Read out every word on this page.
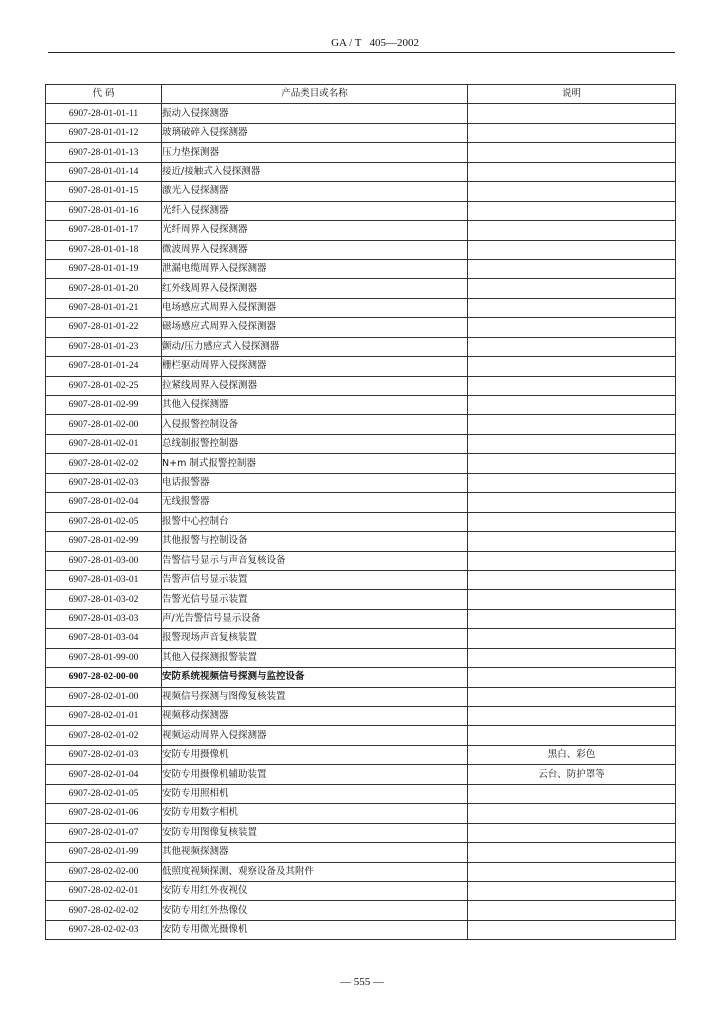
GA / T   405—2002
代 码	产品类目或名称	说明
6907-28-01-01-11	振动入侵探测器	
6907-28-01-01-12	玻璃破碎入侵探测器	
6907-28-01-01-13	压力垫探测器	
6907-28-01-01-14	接近/接触式入侵探测器	
6907-28-01-01-15	激光入侵探测器	
6907-28-01-01-16	光纤入侵探测器	
6907-28-01-01-17	光纤周界入侵探测器	
6907-28-01-01-18	微波周界入侵探测器	
6907-28-01-01-19	泄漏电缆周界入侵探测器	
6907-28-01-01-20	红外线周界入侵探测器	
6907-28-01-01-21	电场感应式周界入侵探测器	
6907-28-01-01-22	磁场感应式周界入侵探测器	
6907-28-01-01-23	颤动/压力感应式入侵探测器	
6907-28-01-01-24	栅栏驱动周界入侵探测器	
6907-28-01-02-25	拉紧线周界入侵探测器	
6907-28-01-02-99	其他入侵探测器	
6907-28-01-02-00	入侵报警控制设备	
6907-28-01-02-01	总线制报警控制器	
6907-28-01-02-02	N+m 制式报警控制器	
6907-28-01-02-03	电话报警器	
6907-28-01-02-04	无线报警器	
6907-28-01-02-05	报警中心控制台	
6907-28-01-02-99	其他报警与控制设备	
6907-28-01-03-00	告警信号显示与声音复核设备	
6907-28-01-03-01	告警声信号显示装置	
6907-28-01-03-02	告警光信号显示装置	
6907-28-01-03-03	声/光告警信号显示设备	
6907-28-01-03-04	报警现场声音复核装置	
6907-28-01-99-00	其他入侵探测报警装置	
6907-28-02-00-00	安防系统视频信号探测与监控设备	
6907-28-02-01-00	视频信号探测与图像复核装置	
6907-28-02-01-01	视频移动探测器	
6907-28-02-01-02	视频运动周界入侵探测器	
6907-28-02-01-03	安防专用摄像机	黑白、彩色
6907-28-02-01-04	安防专用摄像机辅助装置	云台、防护罩等
6907-28-02-01-05	安防专用照相机	
6907-28-02-01-06	安防专用数字相机	
6907-28-02-01-07	安防专用图像复核装置	
6907-28-02-01-99	其他视频探测器	
6907-28-02-02-00	低照度视频探测、观察设备及其附件	
6907-28-02-02-01	安防专用红外夜视仪	
6907-28-02-02-02	安防专用红外热像仪	
6907-28-02-02-03	安防专用微光摄像机	
— 555 —
